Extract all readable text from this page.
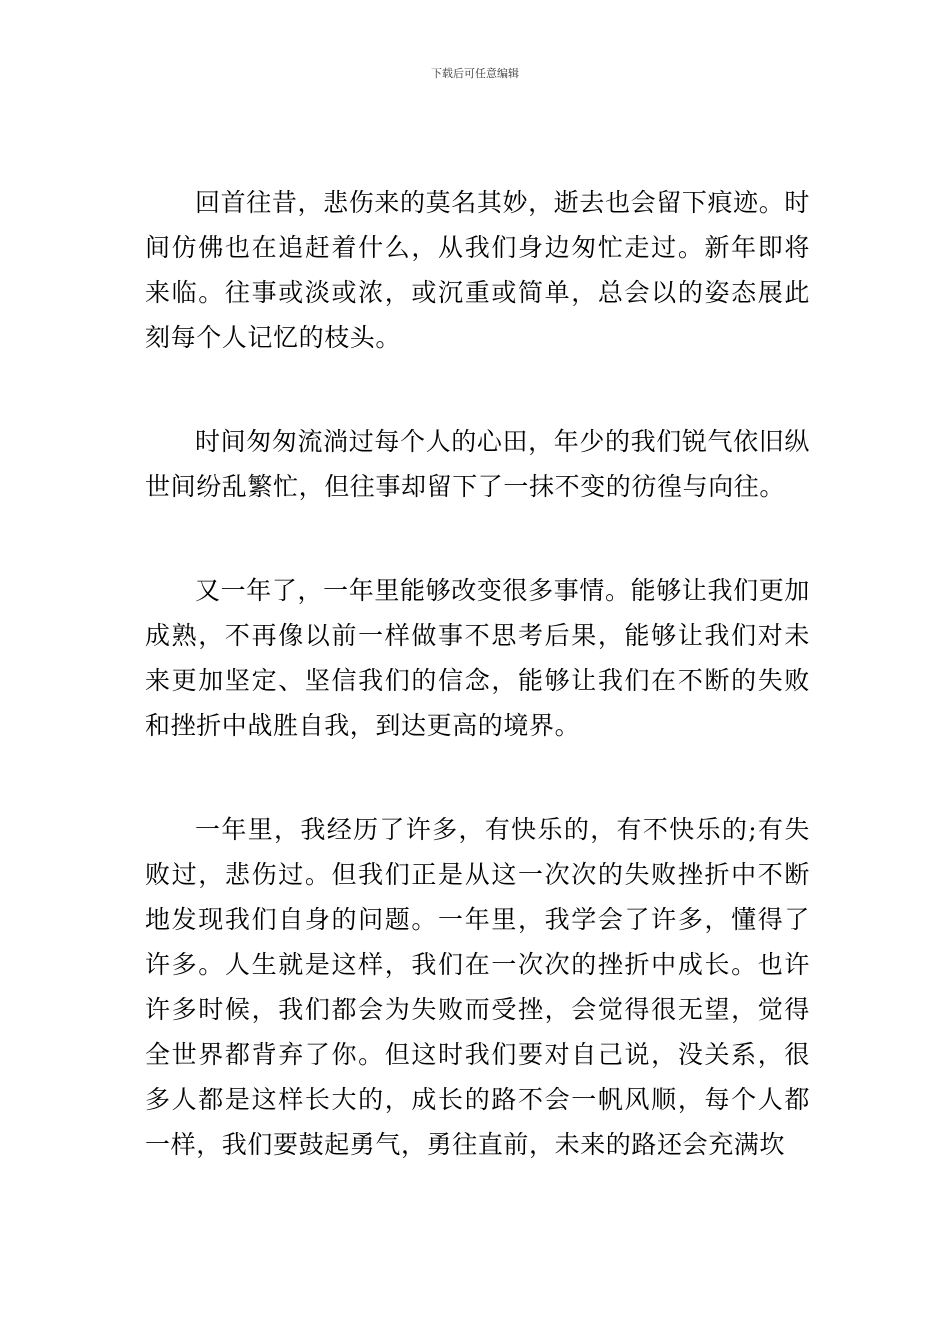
下载后可任意编辑

回首往昔，悲伤来的莫名其妙，逝去也会留下痕迹。时间仿佛也在追赶着什么，从我们身边匆忙走过。新年即将来临。往事或淡或浓，或沉重或简单，总会以的姿态展此刻每个人记忆的枝头。

时间匆匆流淌过每个人的心田，年少的我们锐气依旧纵世间纷乱繁忙，但往事却留下了一抹不变的彷徨与向往。

又一年了，一年里能够改变很多事情。能够让我们更加成熟，不再像以前一样做事不思考后果，能够让我们对未来更加坚定、坚信我们的信念，能够让我们在不断的失败和挫折中战胜自我，到达更高的境界。

一年里，我经历了许多，有快乐的，有不快乐的;有失败过，悲伤过。但我们正是从这一次次的失败挫折中不断地发现我们自身的问题。一年里，我学会了许多，懂得了许多。人生就是这样，我们在一次次的挫折中成长。也许许多时候，我们都会为失败而受挫，会觉得很无望，觉得全世界都背弃了你。但这时我们要对自己说，没关系，很多人都是这样长大的，成长的路不会一帆风顺，每个人都一样，我们要鼓起勇气，勇往直前，未来的路还会充满坎
